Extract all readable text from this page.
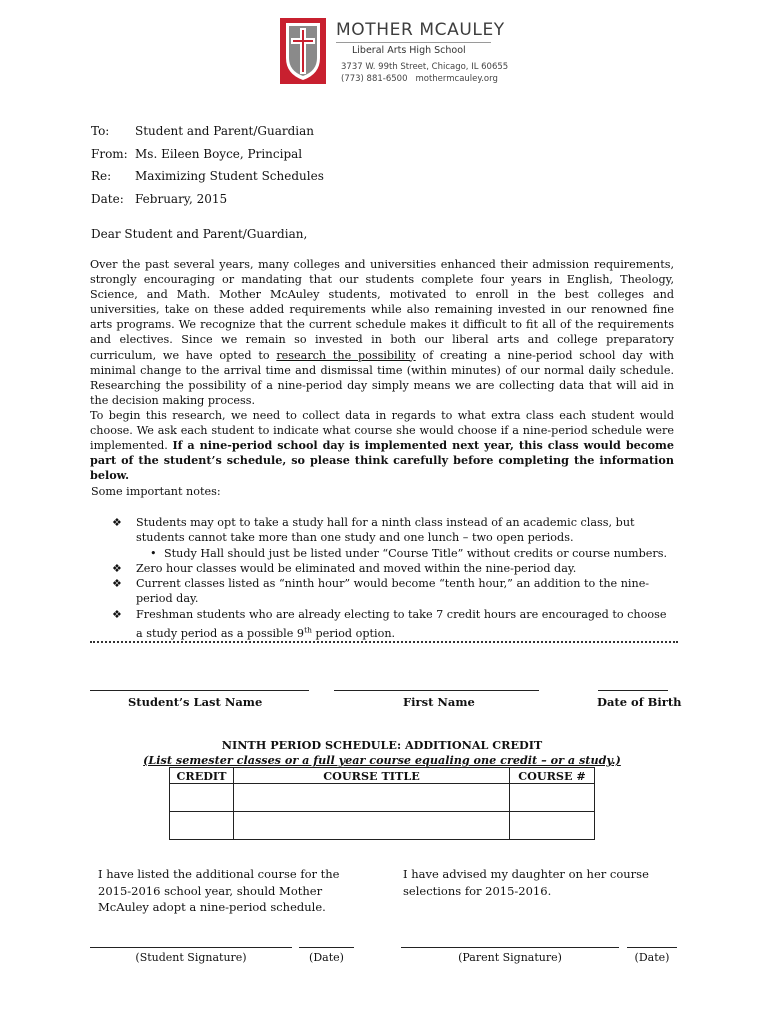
MOTHER MCAULEY
Liberal Arts High School
3737 W. 99th Street, Chicago, IL 60655
(773) 881-6500 mothermcauley.org
To: Student and Parent/Guardian
From: Ms. Eileen Boyce, Principal
Re: Maximizing Student Schedules
Date: February, 2015
Dear Student and Parent/Guardian,

Over the past several years, many colleges and universities enhanced their admission requirements, strongly encouraging or mandating that our students complete four years in English, Theology, Science, and Math. Mother McAuley students, motivated to enroll in the best colleges and universities, take on these added requirements while also remaining invested in our renowned fine arts programs. We recognize that the current schedule makes it difficult to fit all of the requirements and electives. Since we remain so invested in both our liberal arts and college preparatory curriculum, we have opted to research the possibility of creating a nine-period school day with minimal change to the arrival time and dismissal time (within minutes) of our normal daily schedule. Researching the possibility of a nine-period day simply means we are collecting data that will aid in the decision making process.

To begin this research, we need to collect data in regards to what extra class each student would choose. We ask each student to indicate what course she would choose if a nine-period schedule were implemented. If a nine-period school day is implemented next year, this class would become part of the student’s schedule, so please think carefully before completing the information below.

Some important notes:
❖ Students may opt to take a study hall for a ninth class instead of an academic class, but students cannot take more than one study and one lunch – two open periods.
• Study Hall should just be listed under “Course Title” without credits or course numbers.
❖ Zero hour classes would be eliminated and moved within the nine-period day.
❖ Current classes listed as “ninth hour” would become “tenth hour,” an addition to the nine-period day.
❖ Freshman students who are already electing to take 7 credit hours are encouraged to choose a study period as a possible 9th period option.
Student’s Last Name	First Name	Date of Birth
NINTH PERIOD SCHEDULE: ADDITIONAL CREDIT
(List semester classes or a full year course equaling one credit – or a study.)
CREDIT	COURSE TITLE	COURSE #

I have listed the additional course for the 2015-2016 school year, should Mother McAuley adopt a nine-period schedule.
I have advised my daughter on her course selections for 2015-2016.
(Student Signature)	(Date)	(Parent Signature)	(Date)
